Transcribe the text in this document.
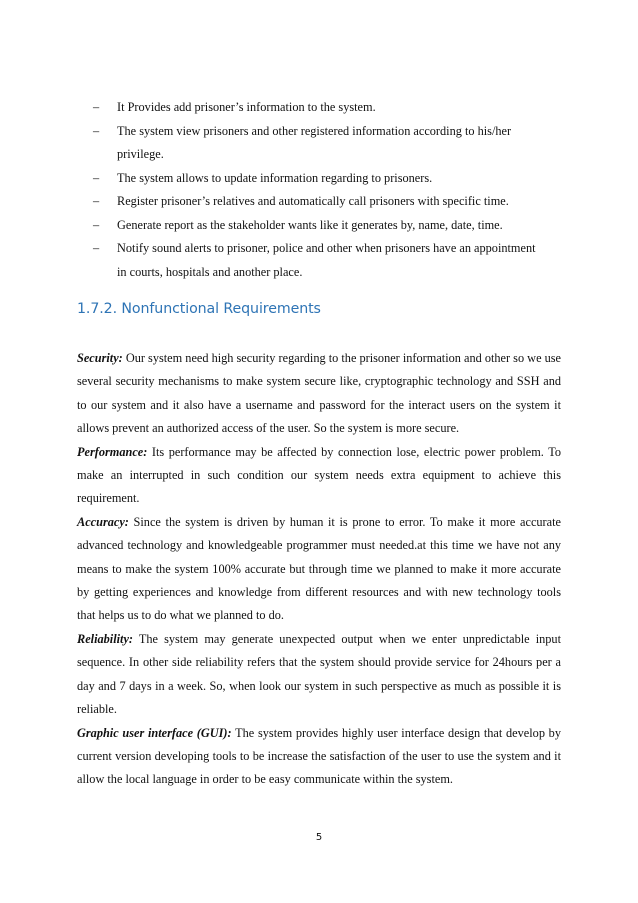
– It Provides add prisoner’s information to the system.
– The system view prisoners and other registered information according to his/her privilege.
– The system allows to update information regarding to prisoners.
– Register prisoner’s relatives and automatically call prisoners with specific time.
– Generate report as the stakeholder wants like it generates by, name, date, time.
– Notify sound alerts to prisoner, police and other when prisoners have an appointment in courts, hospitals and another place.
1.7.2. Nonfunctional Requirements

Security: Our system need high security regarding to the prisoner information and other so we use several security mechanisms to make system secure like, cryptographic technology and SSH and to our system and it also have a username and password for the interact users on the system it allows prevent an authorized access of the user. So the system is more secure.

Performance: Its performance may be affected by connection lose, electric power problem. To make an interrupted in such condition our system needs extra equipment to achieve this requirement.

Accuracy: Since the system is driven by human it is prone to error. To make it more accurate advanced technology and knowledgeable programmer must needed.at this time we have not any means to make the system 100% accurate but through time we planned to make it more accurate by getting experiences and knowledge from different resources and with new technology tools that helps us to do what we planned to do.

Reliability: The system may generate unexpected output when we enter unpredictable input sequence. In other side reliability refers that the system should provide service for 24hours per a day and 7 days in a week. So, when look our system in such perspective as much as possible it is reliable.

Graphic user interface (GUI): The system provides highly user interface design that develop by current version developing tools to be increase the satisfaction of the user to use the system and it allow the local language in order to be easy communicate within the system.

5
